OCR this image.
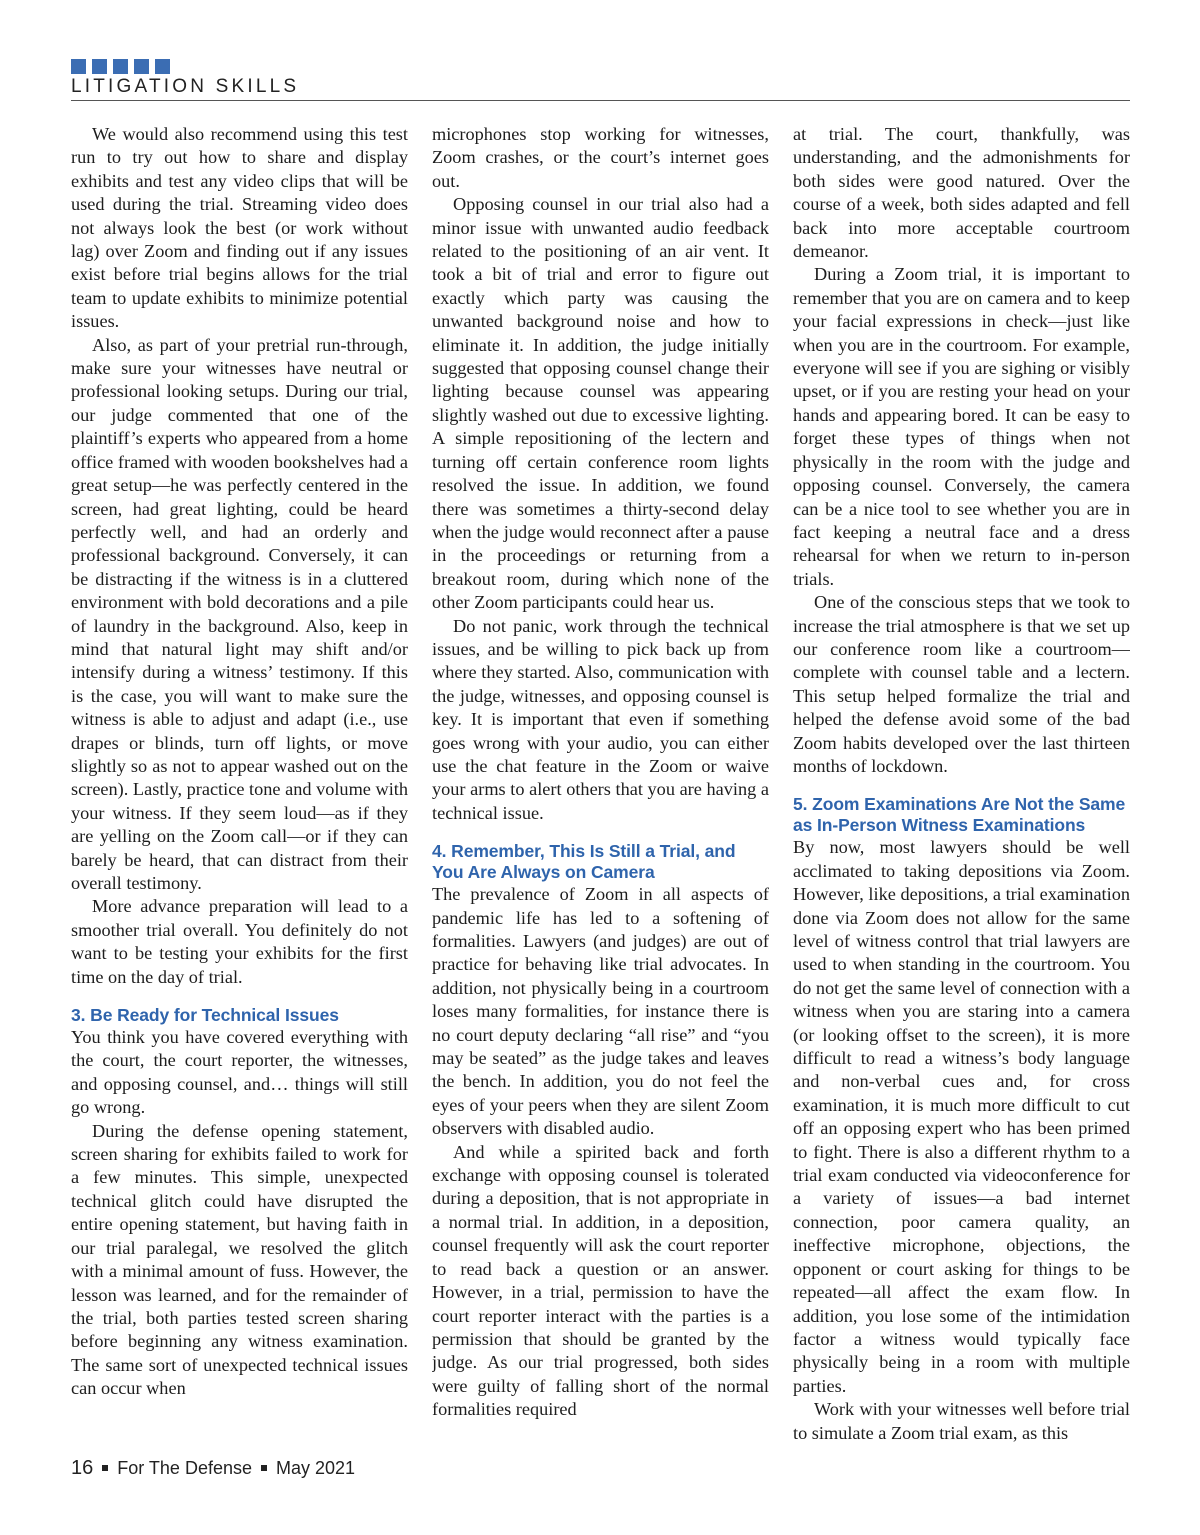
LITIGATION SKILLS

We would also recommend using this test run to try out how to share and display exhibits and test any video clips that will be used during the trial. Streaming video does not always look the best (or work without lag) over Zoom and finding out if any issues exist before trial begins allows for the trial team to update exhibits to minimize potential issues.

Also, as part of your pretrial run-through, make sure your witnesses have neutral or professional looking setups. During our trial, our judge commented that one of the plaintiff’s experts who appeared from a home office framed with wooden bookshelves had a great setup—he was perfectly centered in the screen, had great lighting, could be heard perfectly well, and had an orderly and professional background. Conversely, it can be distracting if the witness is in a cluttered environment with bold decorations and a pile of laundry in the background. Also, keep in mind that natural light may shift and/or intensify during a witness’ testimony. If this is the case, you will want to make sure the witness is able to adjust and adapt (i.e., use drapes or blinds, turn off lights, or move slightly so as not to appear washed out on the screen). Lastly, practice tone and volume with your witness. If they seem loud—as if they are yelling on the Zoom call—or if they can barely be heard, that can distract from their overall testimony.

More advance preparation will lead to a smoother trial overall. You definitely do not want to be testing your exhibits for the first time on the day of trial.

3. Be Ready for Technical Issues

You think you have covered everything with the court, the court reporter, the witnesses, and opposing counsel, and… things will still go wrong.

During the defense opening statement, screen sharing for exhibits failed to work for a few minutes. This simple, unexpected technical glitch could have disrupted the entire opening statement, but having faith in our trial paralegal, we resolved the glitch with a minimal amount of fuss. However, the lesson was learned, and for the remainder of the trial, both parties tested screen sharing before beginning any witness examination. The same sort of unexpected technical issues can occur when

microphones stop working for witnesses, Zoom crashes, or the court’s internet goes out.

Opposing counsel in our trial also had a minor issue with unwanted audio feedback related to the positioning of an air vent. It took a bit of trial and error to figure out exactly which party was causing the unwanted background noise and how to eliminate it. In addition, the judge initially suggested that opposing counsel change their lighting because counsel was appearing slightly washed out due to excessive lighting. A simple repositioning of the lectern and turning off certain conference room lights resolved the issue. In addition, we found there was sometimes a thirty-second delay when the judge would reconnect after a pause in the proceedings or returning from a breakout room, during which none of the other Zoom participants could hear us.

Do not panic, work through the technical issues, and be willing to pick back up from where they started. Also, communication with the judge, witnesses, and opposing counsel is key. It is important that even if something goes wrong with your audio, you can either use the chat feature in the Zoom or waive your arms to alert others that you are having a technical issue.

4. Remember, This Is Still a Trial, and You Are Always on Camera

The prevalence of Zoom in all aspects of pandemic life has led to a softening of formalities. Lawyers (and judges) are out of practice for behaving like trial advocates. In addition, not physically being in a courtroom loses many formalities, for instance there is no court deputy declaring “all rise” and “you may be seated” as the judge takes and leaves the bench. In addition, you do not feel the eyes of your peers when they are silent Zoom observers with disabled audio.

And while a spirited back and forth exchange with opposing counsel is tolerated during a deposition, that is not appropriate in a normal trial. In addition, in a deposition, counsel frequently will ask the court reporter to read back a question or an answer. However, in a trial, permission to have the court reporter interact with the parties is a permission that should be granted by the judge. As our trial progressed, both sides were guilty of falling short of the normal formalities required

at trial. The court, thankfully, was understanding, and the admonishments for both sides were good natured. Over the course of a week, both sides adapted and fell back into more acceptable courtroom demeanor.

During a Zoom trial, it is important to remember that you are on camera and to keep your facial expressions in check—just like when you are in the courtroom. For example, everyone will see if you are sighing or visibly upset, or if you are resting your head on your hands and appearing bored. It can be easy to forget these types of things when not physically in the room with the judge and opposing counsel. Conversely, the camera can be a nice tool to see whether you are in fact keeping a neutral face and a dress rehearsal for when we return to in-person trials.

One of the conscious steps that we took to increase the trial atmosphere is that we set up our conference room like a courtroom—complete with counsel table and a lectern. This setup helped formalize the trial and helped the defense avoid some of the bad Zoom habits developed over the last thirteen months of lockdown.

5. Zoom Examinations Are Not the Same as In-Person Witness Examinations

By now, most lawyers should be well acclimated to taking depositions via Zoom. However, like depositions, a trial examination done via Zoom does not allow for the same level of witness control that trial lawyers are used to when standing in the courtroom. You do not get the same level of connection with a witness when you are staring into a camera (or looking offset to the screen), it is more difficult to read a witness’s body language and non-verbal cues and, for cross examination, it is much more difficult to cut off an opposing expert who has been primed to fight. There is also a different rhythm to a trial exam conducted via videoconference for a variety of issues—a bad internet connection, poor camera quality, an ineffective microphone, objections, the opponent or court asking for things to be repeated—all affect the exam flow. In addition, you lose some of the intimidation factor a witness would typically face physically being in a room with multiple parties.

Work with your witnesses well before trial to simulate a Zoom trial exam, as this

16 For The Defense May 2021
